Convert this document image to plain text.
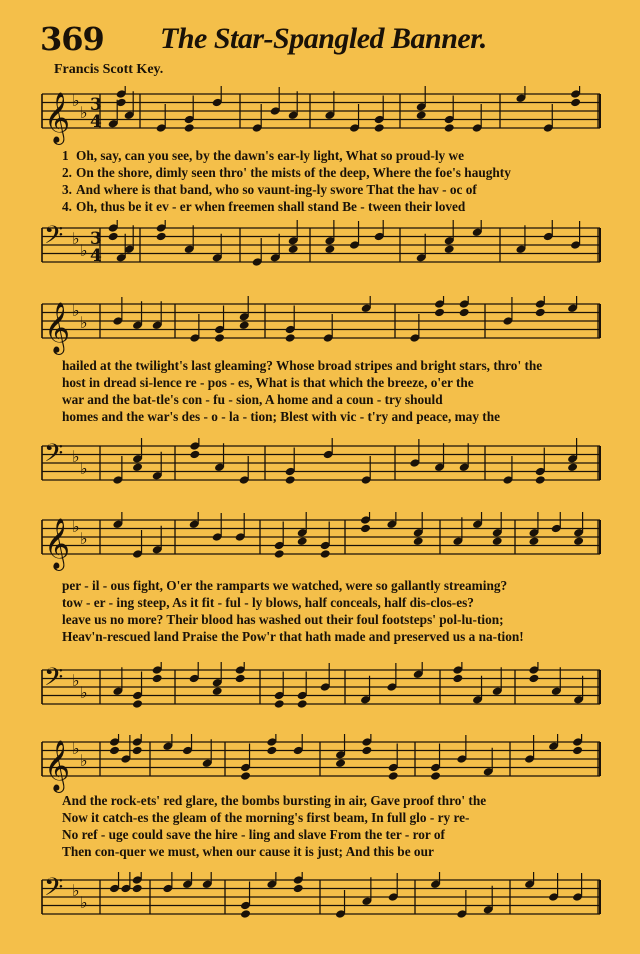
369 The Star-Spangled Banner.
Francis Scott Key.
𝄞 ♭
♭ 3
4
1 Oh, say, can you see, by the dawn's ear-ly light, What so proud-ly we
2. On the shore, dimly seen thro' the mists of the deep, Where the foe's haughty
3. And where is that band, who so vaunt-ing-ly swore That the hav - oc of
4. Oh, thus be it ev - er when freemen shall stand Be - tween their loved
𝄢 ♭
♭
3
4
𝄞 ♭
♭
hailed at the twilight's last gleaming? Whose broad stripes and bright stars, thro' the
host in dread si-lence re - pos - es, What is that which the breeze, o'er the
war and the bat-tle's con - fu - sion, A home and a coun - try should
homes and the war's des - o - la - tion; Blest with vic - t'ry and peace, may the
𝄢 ♭
♭
𝄞 ♭
♭
per - il - ous fight, O'er the ramparts we watched, were so gallantly streaming?
tow - er - ing steep, As it fit - ful - ly blows, half conceals, half dis-clos-es?
leave us no more? Their blood has washed out their foul footsteps' pol-lu-tion;
Heav'n-rescued land Praise the Pow'r that hath made and preserved us a na-tion!
𝄢 ♭
♭
𝄞 ♭
♭
And the rock-ets' red glare, the bombs bursting in air, Gave proof thro' the
Now it catch-es the gleam of the morning's first beam, In full glo - ry re-
No ref - uge could save the hire - ling and slave From the ter - ror of
Then con-quer we must, when our cause it is just; And this be our
𝄢 ♭
♭
